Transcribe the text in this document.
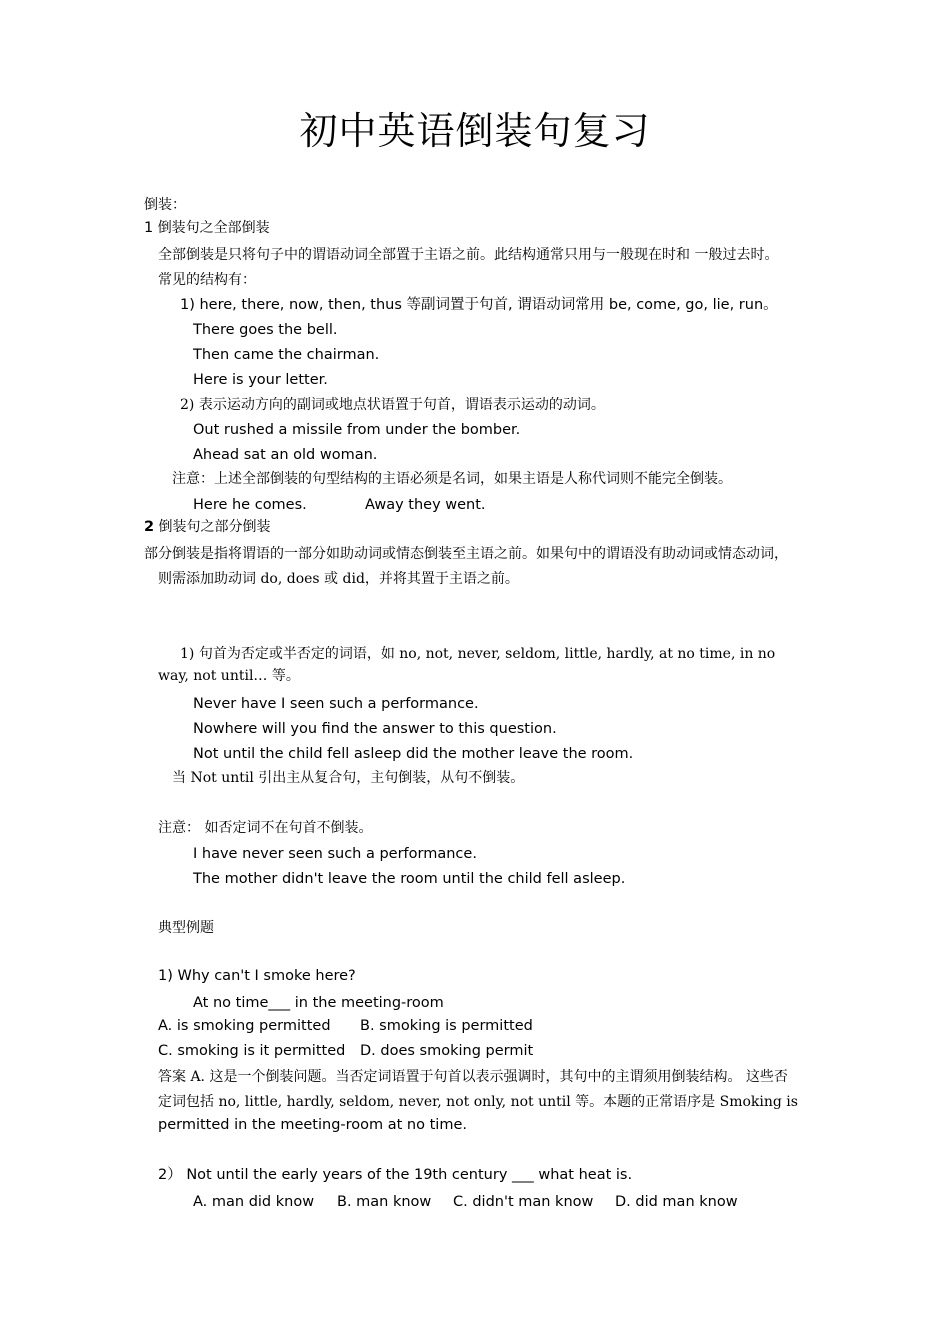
初中英语倒装句复习
倒装：
1 倒装句之全部倒装
全部倒装是只将句子中的谓语动词全部置于主语之前。此结构通常只用与一般现在时和 一般过去时。
常见的结构有：
1) here, there, now, then, thus 等副词置于句首, 谓语动词常用 be, come, go, lie, run。
There goes the bell.
Then came the chairman.
Here is your letter.
2) 表示运动方向的副词或地点状语置于句首，谓语表示运动的动词。
Out rushed a missile from under the bomber.
Ahead sat an old woman.
注意：上述全部倒装的句型结构的主语必须是名词，如果主语是人称代词则不能完全倒装。
Here he comes.	Away they went.
2 倒装句之部分倒装
部分倒装是指将谓语的一部分如助动词或情态倒装至主语之前。如果句中的谓语没有助动词或情态动词，
则需添加助动词 do, does 或 did，并将其置于主语之前。
1) 句首为否定或半否定的词语，如 no, not, never, seldom, little, hardly, at no time, in no
way, not until… 等。
Never have I seen such a performance.
Nowhere will you find the answer to this question.
Not until the child fell asleep did the mother leave the room.
当 Not until 引出主从复合句，主句倒装，从句不倒装。
注意： 如否定词不在句首不倒装。
I have never seen such a performance.
The mother didn't leave the room until the child fell asleep.
典型例题
1) Why can't I smoke here?
At no time___ in the meeting-room
A. is smoking permitted B. smoking is permitted
C. smoking is it permitted D. does smoking permit
答案 A. 这是一个倒装问题。当否定词语置于句首以表示强调时，其句中的主谓须用倒装结构。 这些否
定词包括 no, little, hardly, seldom, never, not only, not until 等。本题的正常语序是 Smoking is
permitted in the meeting-room at no time.
2） Not until the early years of the 19th century ___ what heat is.
A. man did know B. man know C. didn't man know D. did man know
